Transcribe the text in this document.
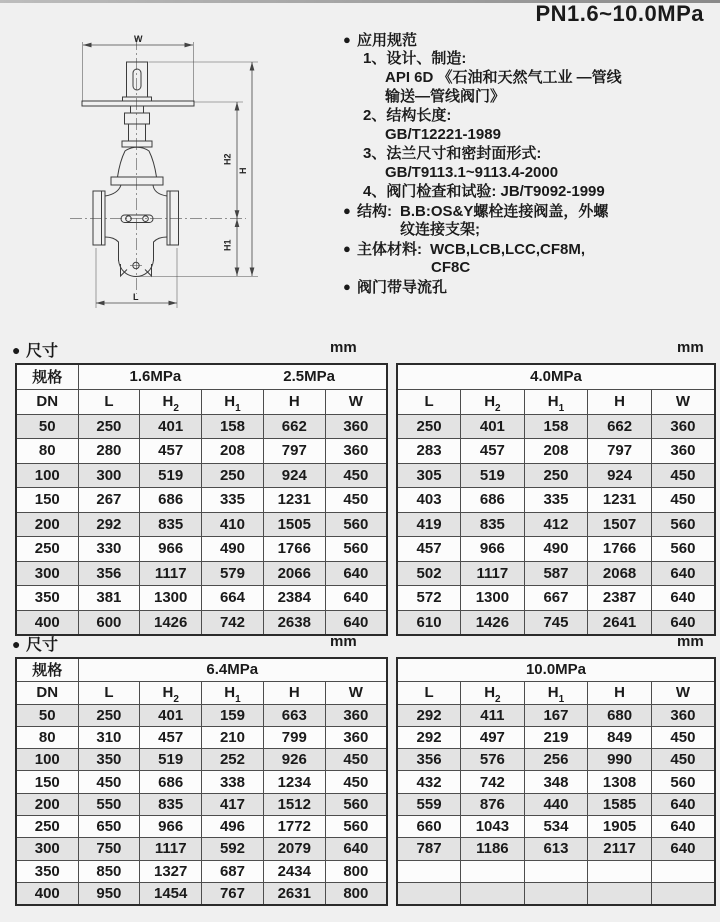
PN1.6~10.0MPa
W
H
H2
H1
L
● 应用规范
1、设计、制造:
API 6D 《石油和天然气工业 —管线
输送—管线阀门》
2、结构长度:
GB/T12221-1989
3、法兰尺寸和密封面形式:
GB/T9113.1~9113.4-2000
4、阀门检查和试验: JB/T9092-1999
● 结构: B.B:OS&Y螺栓连接阀盖，外螺
纹连接支架;
● 主体材料: WCB,LCB,LCC,CF8M,
CF8C
● 阀门带导流孔
● 尺寸	mm	mm
规格	1.6MPa 2.5MPa				

DN	L	$H_2$	$H_1$	H	W
50	250	401	158	662	360
80	280	457	208	797	360
100	300	519	250	924	450
150	267	686	335	1231	450
200	292	835	410	1505	560
250	330	966	490	1766	560
300	356	1117	579	2066	640
350	381	1300	664	2384	640
400	600	1426	742	2638	640
4.0MPa				
L	$H_2$	$H_1$	H	W
250	401	158	662	360
283	457	208	797	360
305	519	250	924	450
403	686	335	1231	450
419	835	412	1507	560
457	966	490	1766	560
502	1117	587	2068	640
572	1300	667	2387	640
610	1426	745	2641	640
● 尺寸	mm	mm
规格	6.4MPa				
DN	L	$H_2$	$H_1$	H	W
50	250	401	159	663	360
80	310	457	210	799	360
100	350	519	252	926	450
150	450	686	338	1234	450
200	550	835	417	1512	560
250	650	966	496	1772	560
300	750	1117	592	2079	640
350	850	1327	687	2434	800
400	950	1454	767	2631	800
10.0MPa				
L	$H_2$	$H_1$	H	W
292	411	167	680	360
292	497	219	849	450
356	576	256	990	450
432	742	348	1308	560
559	876	440	1585	640
660	1043	534	1905	640
787	1186	613	2117	640
